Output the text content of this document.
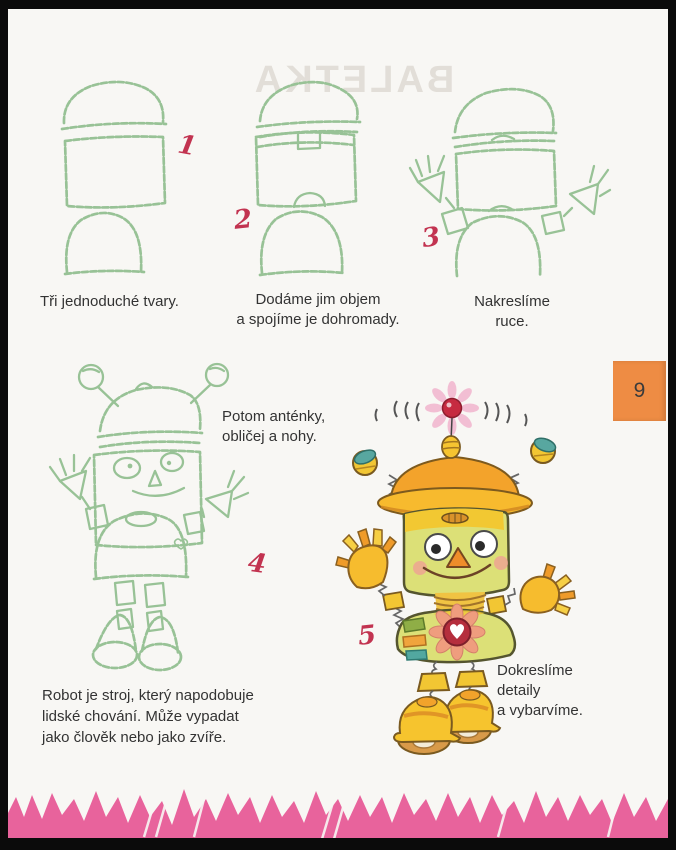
BALETKA
1
2
3
Tři jednoduché tvary.	Dodáme jim objem
a spojíme je dohromady.
Nakreslíme
ruce.
Potom anténky,
obličej a nohy.
4
5
Dokreslíme
detaily
a vybarvíme.
Robot je stroj, který napodobuje
lidské chování. Může vypadat
jako člověk nebo jako zvíře.
9
